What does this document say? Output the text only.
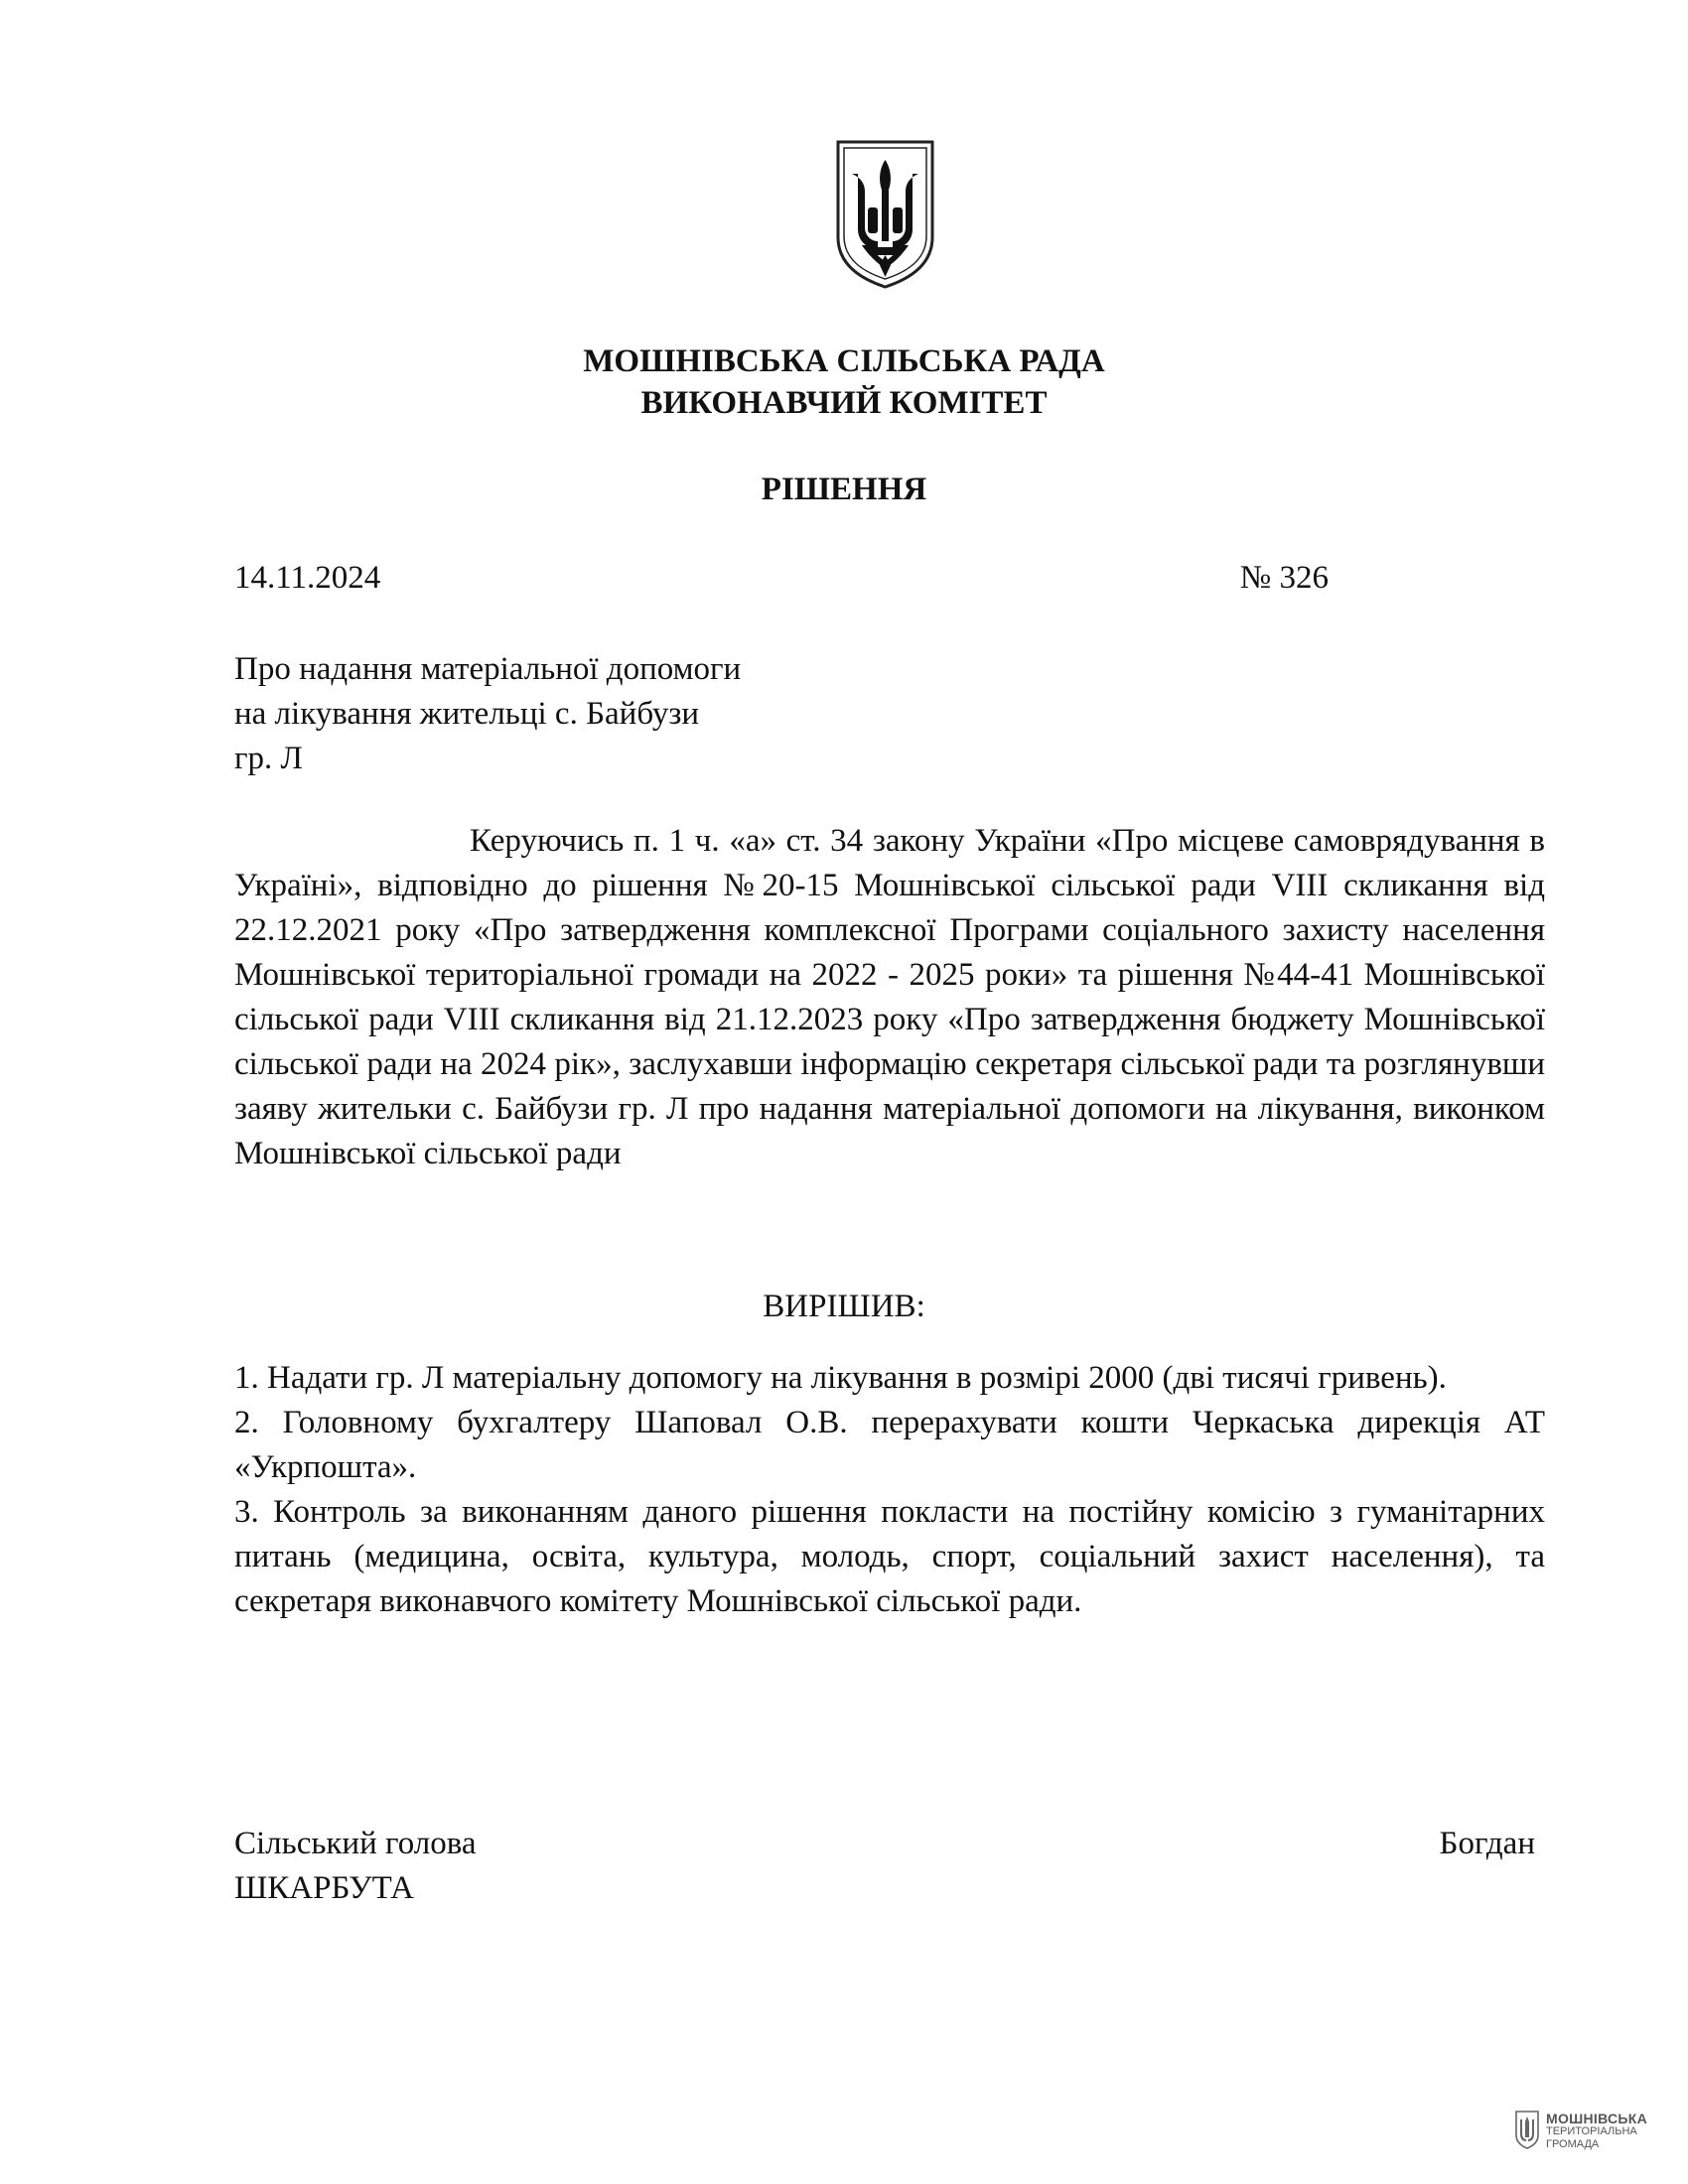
МОШНІВСЬКА СІЛЬСЬКА РАДА
ВИКОНАВЧИЙ КОМІТЕТ
РІШЕННЯ
14.11.2024	№ 326
Про надання матеріальної допомоги
на лікування жительці с. Байбузи
гр. Л

Керуючись п. 1 ч. «а» ст. 34 закону України «Про місцеве самоврядування в Україні», відповідно до рішення №20-15 Мошнівської сільської ради VIII скликання від 22.12.2021 року «Про затвердження комплексної Програми соціального захисту населення Мошнівської територіальної громади на 2022 - 2025 роки» та рішення №44-41 Мошнівської сільської ради VIII скликання від 21.12.2023 року «Про затвердження бюджету Мошнівської сільської ради на 2024 рік», заслухавши інформацію секретаря сільської ради та розглянувши заяву жительки с. Байбузи гр. Л про надання матеріальної допомоги на лікування, виконком Мошнівської сільської ради

ВИРІШИВ:

1. Надати гр. Л матеріальну допомогу на лікування в розмірі 2000 (дві тисячі гривень).

2. Головному бухгалтеру Шаповал О.В. перерахувати кошти Черкаська дирекція АТ «Укрпошта».

3. Контроль за виконанням даного рішення покласти на постійну комісію з гуманітарних питань (медицина, освіта, культура, молодь, спорт, соціальний захист населення), та секретаря виконавчого комітету Мошнівської сільської ради.

Сільський голова
ШКАРБУТА
Богдан
МОШНІВСЬКА
ТЕРИТОРІАЛЬНА
ГРОМАДА
